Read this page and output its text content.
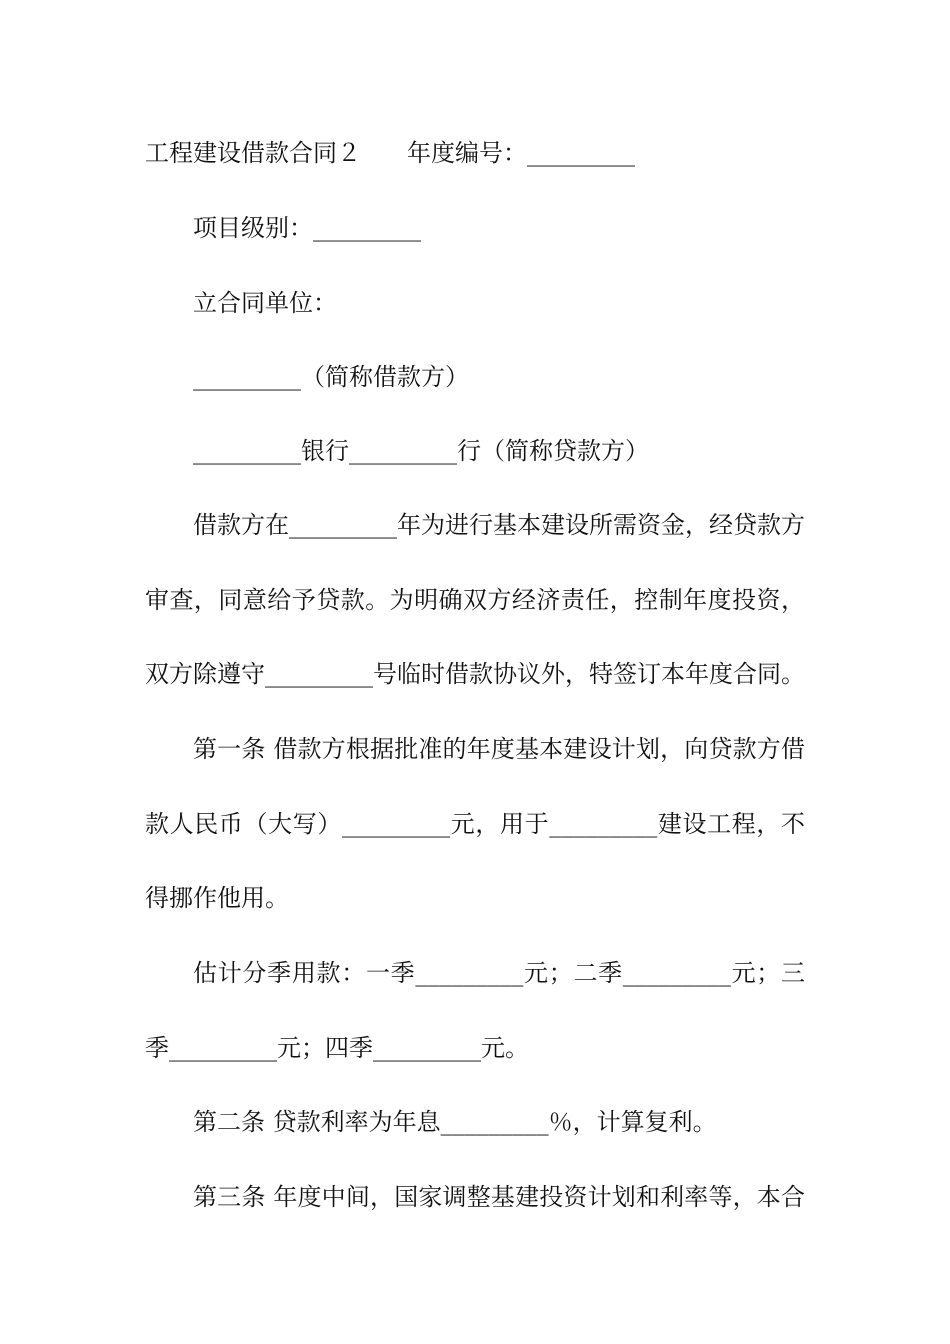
工程建设借款合同２ 年度编号：_________
项目级别：_________
立合同单位：
_________（简称借款方）
_________银行_________行（简称贷款方）
借款方在_________年为进行基本建设所需资金，经贷款方
审查，同意给予贷款。为明确双方经济责任，控制年度投资，
双方除遵守_________号临时借款协议外，特签订本年度合同。
第一条 借款方根据批准的年度基本建设计划，向贷款方借
款人民币（大写）_________元，用于_________建设工程，不
得挪作他用。
估计分季用款：一季_________元；二季_________元；三
季_________元；四季_________元。
第二条 贷款利率为年息_________％，计算复利。
第三条 年度中间，国家调整基建投资计划和利率等，本合
